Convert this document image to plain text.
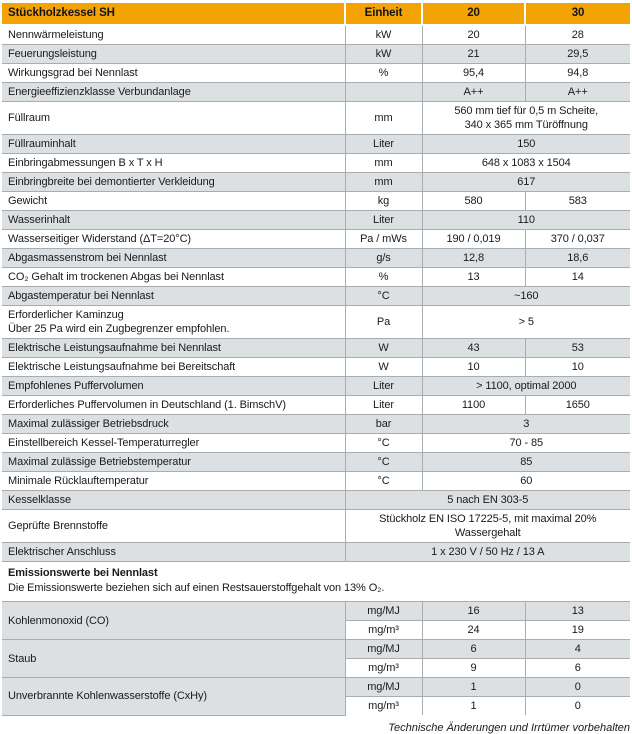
Stückholzkessel SH	Einheit	20	30
Nennwärmeleistung	kW	20	28
Feuerungsleistung	kW	21	29,5
Wirkungsgrad bei Nennlast	%	95,4	94,8
Energieeffizienzklasse Verbundanlage		A++	A++
Füllraum	mm	560 mm tief für 0,5 m Scheite,
340 x 365 mm Türöffnung	

Füllrauminhalt	Liter	150	
Einbringabmessungen B x T x H	mm	648 x 1083 x 1504	
Einbringbreite bei demontierter Verkleidung	mm	617	
Gewicht	kg	580	583
Wasserinhalt	Liter	110	
Wasserseitiger Widerstand (ΔT=20°C)	Pa / mWs	190 / 0,019	370 / 0,037
Abgasmassenstrom bei Nennlast	g/s	12,8	18,6
CO₂ Gehalt im trockenen Abgas bei Nennlast	%	13	14
Abgastemperatur bei Nennlast	°C	~160	

Erforderlicher Kaminzug
Über 25 Pa wird ein Zugbegrenzer empfohlen.	Pa	> 5	
Elektrische Leistungsaufnahme bei Nennlast	W	43	53
Elektrische Leistungsaufnahme bei Bereitschaft	W	10	10
Empfohlenes Puffervolumen	Liter	> 1100, optimal 2000	
Erforderliches Puffervolumen in Deutschland (1. BimschV)	Liter	1100	1650
Maximal zulässiger Betriebsdruck	bar	3	
Einstellbereich Kessel-Temperaturregler	°C	70 - 85	
Maximal zulässige Betriebstemperatur	°C	85	
Minimale Rücklauftemperatur	°C	60	
Kesselklasse	5 nach EN 303-5		
Geprüfte Brennstoffe	Stückholz EN ISO 17225-5, mit maximal 20%
Wassergehalt		

Elektrischer Anschluss	1 x 230 V / 50 Hz / 13 A		

Emissionswerte bei Nennlast
Die Emissionswerte beziehen sich auf einen Restsauerstoffgehalt von 13% O₂.			

Kohlenmonoxid (CO)	mg/MJ	16	13
	mg/m³	24	19
Staub	mg/MJ	6	4
	mg/m³	9	6
Unverbrannte Kohlenwasserstoffe (CxHy)	mg/MJ	1	0
	mg/m³	1	0
Technische Änderungen und Irrtümer vorbehalten
